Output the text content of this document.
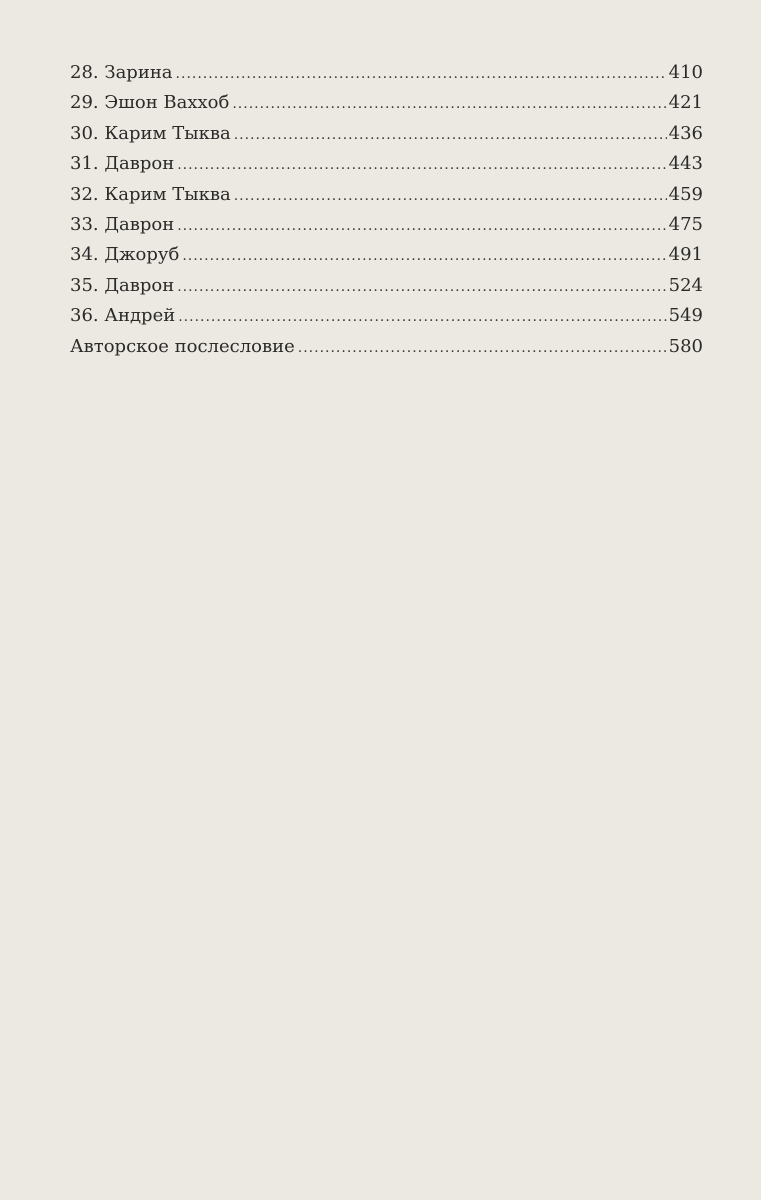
28. Зарина .....	410
29. Эшон Ваххоб .....	421
30. Карим Тыква .....	436
31. Даврон .....	443
32. Карим Тыква .....	459
33. Даврон .....	475
34. Джоруб .....	491
35. Даврон .....	524
36. Андрей .....	549
Авторское послесловие .....	580
